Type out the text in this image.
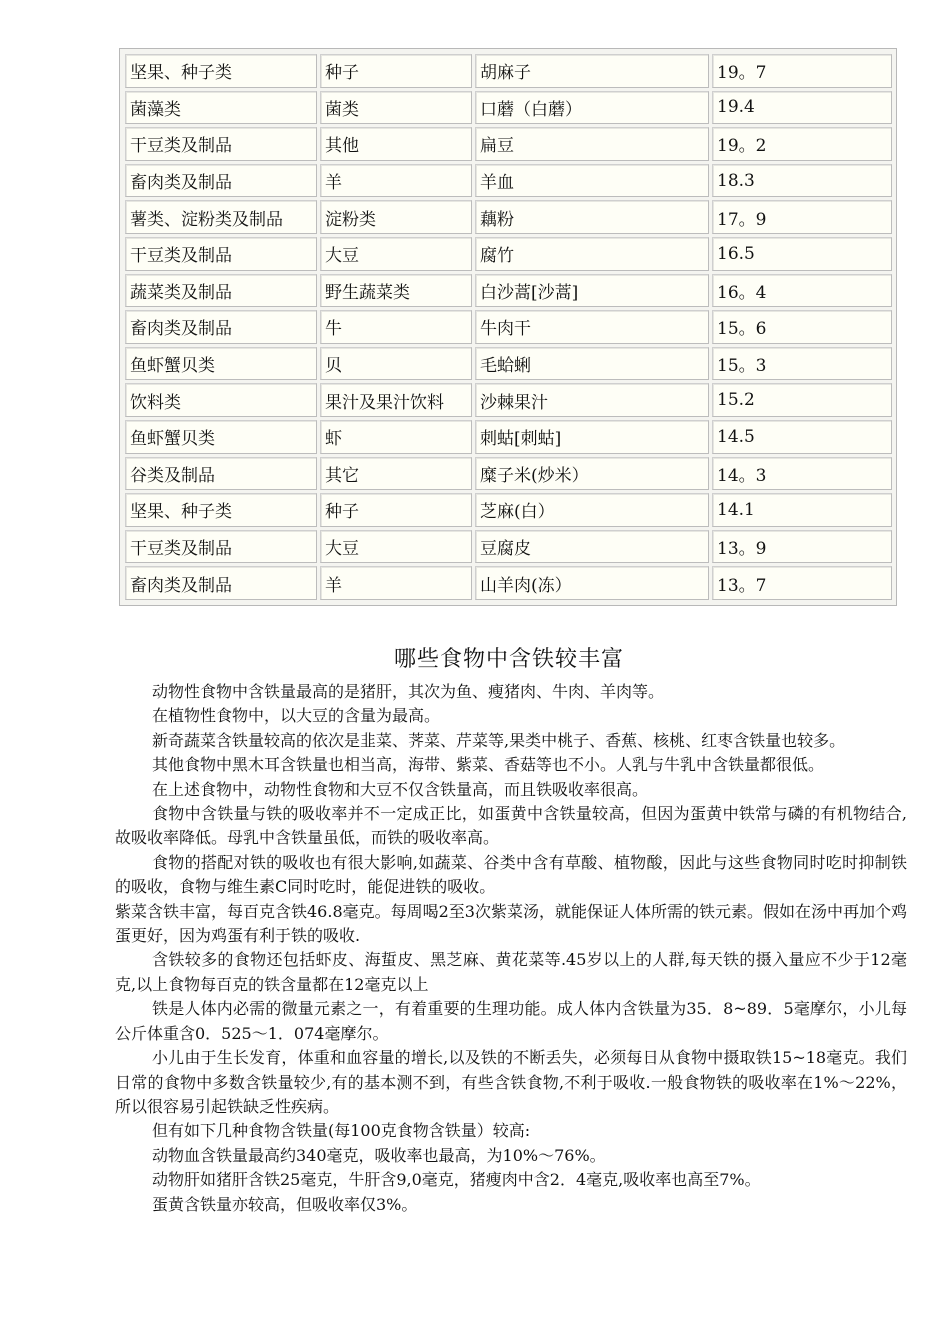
坚果、种子类	种子	胡麻子	19。7
菌藻类	菌类	口蘑（白蘑）	19.4
干豆类及制品	其他	扁豆	19。2
畜肉类及制品	羊	羊血	18.3
薯类、淀粉类及制品	淀粉类	藕粉	17。9
干豆类及制品	大豆	腐竹	16.5
蔬菜类及制品	野生蔬菜类	白沙蒿[沙蒿]	16。4
畜肉类及制品	牛	牛肉干	15。6
鱼虾蟹贝类	贝	毛蛤蜊	15。3
饮料类	果汁及果汁饮料	沙棘果汁	15.2
鱼虾蟹贝类	虾	刺蛄[刺蛄]	14.5
谷类及制品	其它	糜子米(炒米）	14。3
坚果、种子类	种子	芝麻(白）	14.1
干豆类及制品	大豆	豆腐皮	13。9
畜肉类及制品	羊	山羊肉(冻）	13。7
哪些食物中含铁较丰富

动物性食物中含铁量最高的是猪肝，其次为鱼、瘦猪肉、牛肉、羊肉等。

在植物性食物中，以大豆的含量为最高。

新奇蔬菜含铁量较高的依次是韭菜、荠菜、芹菜等,果类中桃子、香蕉、核桃、红枣含铁量也较多。

其他食物中黑木耳含铁量也相当高，海带、紫菜、香菇等也不小。人乳与牛乳中含铁量都很低。

在上述食物中，动物性食物和大豆不仅含铁量高，而且铁吸收率很高。

食物中含铁量与铁的吸收率并不一定成正比，如蛋黄中含铁量较高，但因为蛋黄中铁常与磷的有机物结合,故吸收率降低。母乳中含铁量虽低，而铁的吸收率高。

食物的搭配对铁的吸收也有很大影响,如蔬菜、谷类中含有草酸、植物酸，因此与这些食物同时吃时抑制铁的吸收，食物与维生素C同时吃时，能促进铁的吸收。

紫菜含铁丰富，每百克含铁46.8毫克。每周喝2至3次紫菜汤，就能保证人体所需的铁元素。假如在汤中再加个鸡蛋更好，因为鸡蛋有利于铁的吸收.

含铁较多的食物还包括虾皮、海蜇皮、黑芝麻、黄花菜等.45岁以上的人群,每天铁的摄入量应不少于12毫克,以上食物每百克的铁含量都在12毫克以上

铁是人体内必需的微量元素之一，有着重要的生理功能。成人体内含铁量为35．8~89．5毫摩尔，小儿每公斤体重含0．525～1．074毫摩尔。

小儿由于生长发育，体重和血容量的增长,以及铁的不断丢失，必须每日从食物中摄取铁15~18毫克。我们日常的食物中多数含铁量较少,有的基本测不到，有些含铁食物,不利于吸收.一般食物铁的吸收率在1%～22%，所以很容易引起铁缺乏性疾病。

但有如下几种食物含铁量(每100克食物含铁量）较高:

动物血含铁量最高约340毫克，吸收率也最高，为10%～76%。

动物肝如猪肝含铁25毫克，牛肝含9,0毫克，猪瘦肉中含2．4毫克,吸收率也高至7%。

蛋黄含铁量亦较高，但吸收率仅3%。
